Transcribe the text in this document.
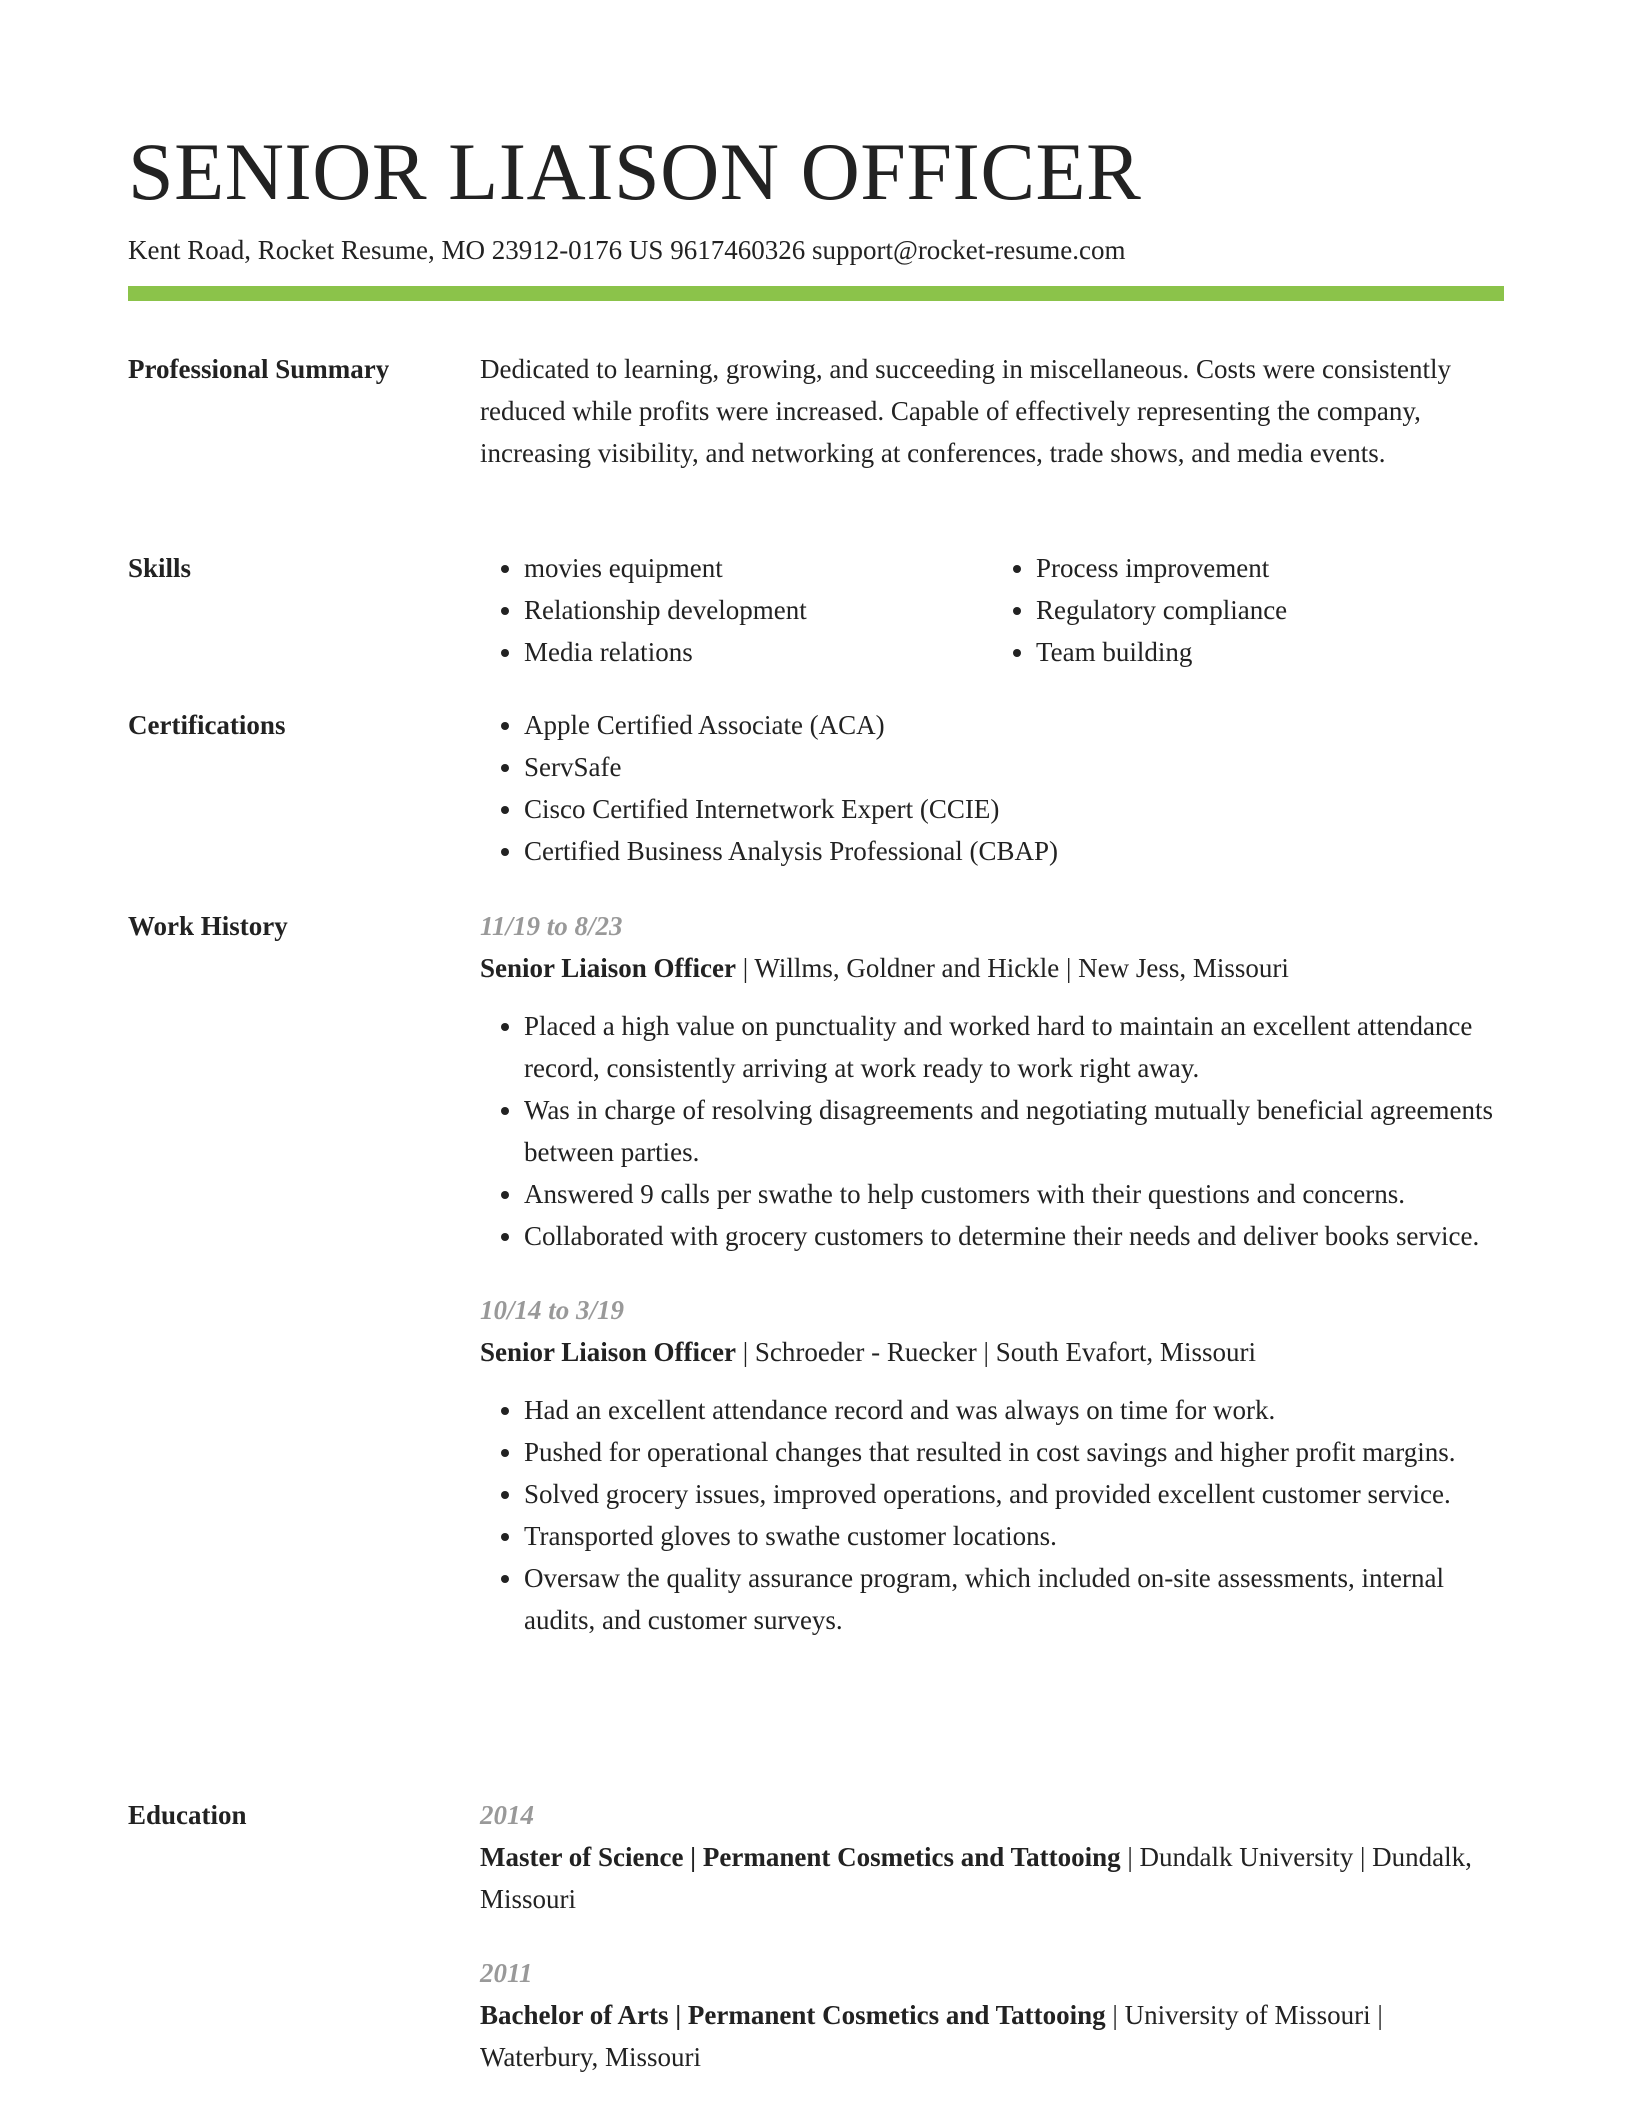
SENIOR LIAISON OFFICER
Kent Road, Rocket Resume, MO 23912-0176 US 9617460326 support@rocket-resume.com
Professional Summary	Dedicated to learning, growing, and succeeding in miscellaneous. Costs were consistently reduced while profits were increased. Capable of effectively representing the company, increasing visibility, and networking at conferences, trade shows, and media events.

Skills	• movies equipment
• Relationship development
• Media relations
• Process improvement
• Regulatory compliance
• Team building
Certifications	• Apple Certified Associate (ACA)
• ServSafe
• Cisco Certified Internetwork Expert (CCIE)
• Certified Business Analysis Professional (CBAP)
Work History	11/19 to 8/23

Senior Liaison Officer | Willms, Goldner and Hickle | New Jess, Missouri

• Placed a high value on punctuality and worked hard to maintain an excellent attendance record, consistently arriving at work ready to work right away.
• Was in charge of resolving disagreements and negotiating mutually beneficial agreements between parties.
• Answered 9 calls per swathe to help customers with their questions and concerns.
• Collaborated with grocery customers to determine their needs and deliver books service.

10/14 to 3/19

Senior Liaison Officer | Schroeder - Ruecker | South Evafort, Missouri

• Had an excellent attendance record and was always on time for work.
• Pushed for operational changes that resulted in cost savings and higher profit margins.
• Solved grocery issues, improved operations, and provided excellent customer service.
• Transported gloves to swathe customer locations.
• Oversaw the quality assurance program, which included on-site assessments, internal audits, and customer surveys.
Education	2014

Master of Science | Permanent Cosmetics and Tattooing | Dundalk University | Dundalk, Missouri

2011

Bachelor of Arts | Permanent Cosmetics and Tattooing | University of Missouri | Waterbury, Missouri
